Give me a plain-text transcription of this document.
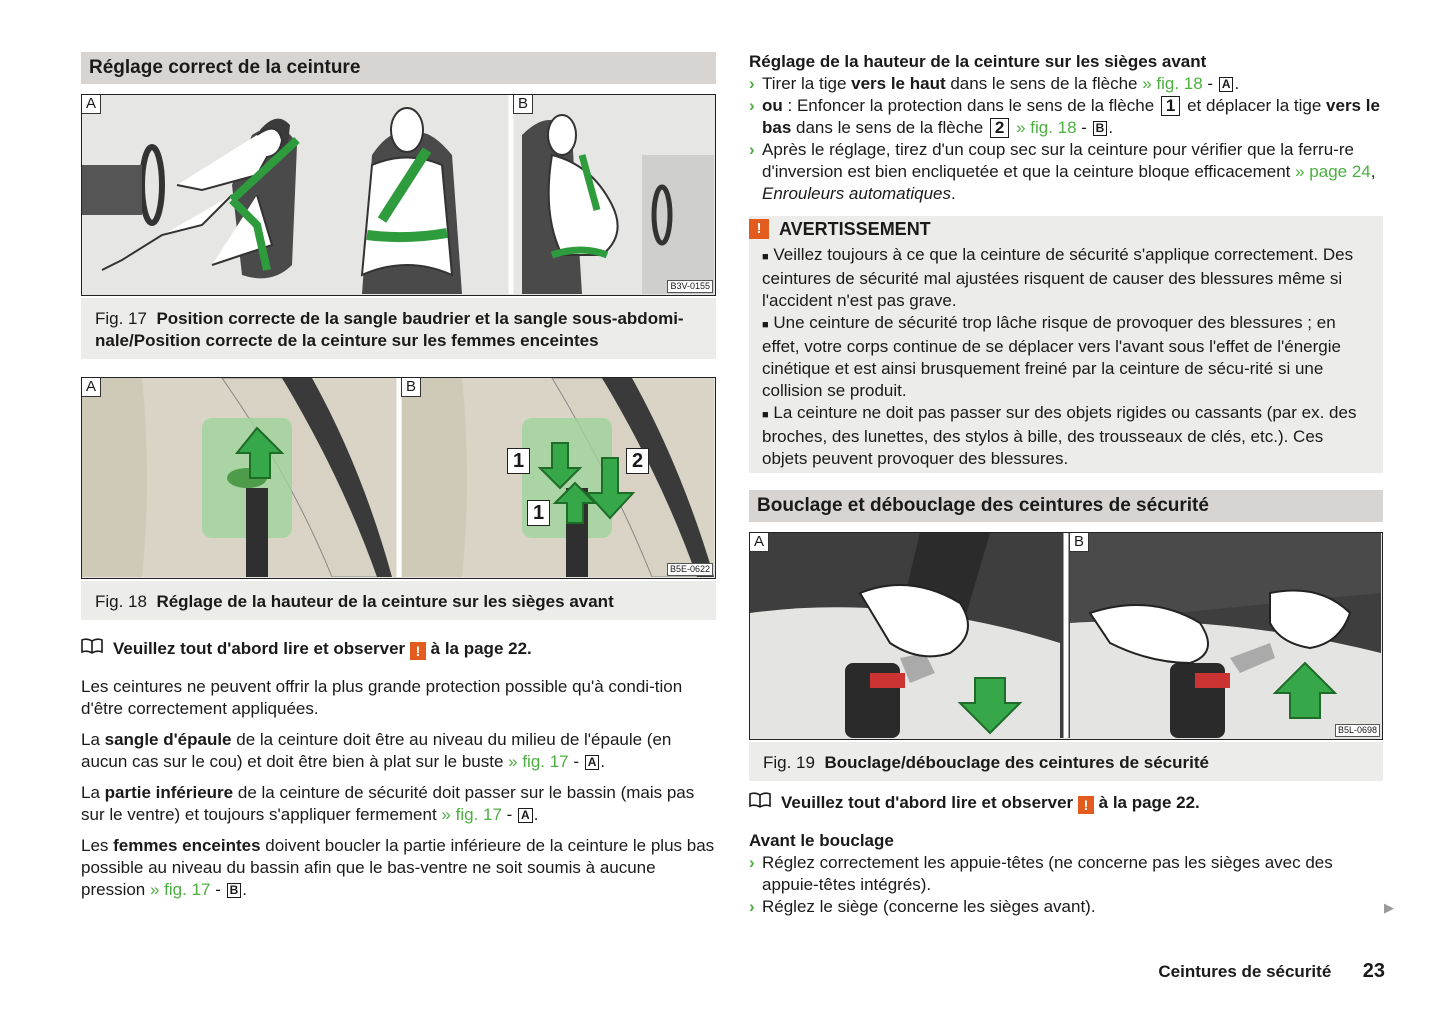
Réglage correct de la ceinture
A	B
B3V-0155
Fig. 17 Position correcte de la sangle baudrier et la sangle sous-abdomi-nale/Position correcte de la ceinture sur les femmes enceintes
A	B
1
1
2
B5E-0622
Fig. 18 Réglage de la hauteur de la ceinture sur les sièges avant
Veuillez tout d'abord lire et observer ! à la page 22.

Les ceintures ne peuvent offrir la plus grande protection possible qu'à condi-tion d'être correctement appliquées.

La sangle d'épaule de la ceinture doit être au niveau du milieu de l'épaule (en aucun cas sur le cou) et doit être bien à plat sur le buste » fig. 17 - A .

La partie inférieure de la ceinture de sécurité doit passer sur le bassin (mais pas sur le ventre) et toujours s'appliquer fermement » fig. 17 - A .

Les femmes enceintes doivent boucler la partie inférieure de la ceinture le plus bas possible au niveau du bassin afin que le bas-ventre ne soit soumis à aucune pression » fig. 17 - B .

Réglage de la hauteur de la ceinture sur les sièges avant
› Tirer la tige vers le haut dans le sens de la flèche » fig. 18 - A .
› ou : Enfoncer la protection dans le sens de la flèche 1 et déplacer la tige vers le bas dans le sens de la flèche 2 » fig. 18 - B .
› Après le réglage, tirez d'un coup sec sur la ceinture pour vérifier que la ferru-re d'inversion est bien encliquetée et que la ceinture bloque efficacement » page 24, Enrouleurs automatiques.
! AVERTISSEMENT
■ Veillez toujours à ce que la ceinture de sécurité s'applique correctement. Des ceintures de sécurité mal ajustées risquent de causer des blessures même si l'accident n'est pas grave.
■ Une ceinture de sécurité trop lâche risque de provoquer des blessures ; en effet, votre corps continue de se déplacer vers l'avant sous l'effet de l'énergie cinétique et est ainsi brusquement freiné par la ceinture de sécu-rité si une collision se produit.
■ La ceinture ne doit pas passer sur des objets rigides ou cassants (par ex. des broches, des lunettes, des stylos à bille, des trousseaux de clés, etc.). Ces objets peuvent provoquer des blessures.
Bouclage et débouclage des ceintures de sécurité
A	B
B5L-0698
Fig. 19 Bouclage/débouclage des ceintures de sécurité
Veuillez tout d'abord lire et observer ! à la page 22.
Avant le bouclage
› Réglez correctement les appuie-têtes (ne concerne pas les sièges avec des appuie-têtes intégrés).
› Réglez le siège (concerne les sièges avant).	▶
Ceintures de sécurité 23
